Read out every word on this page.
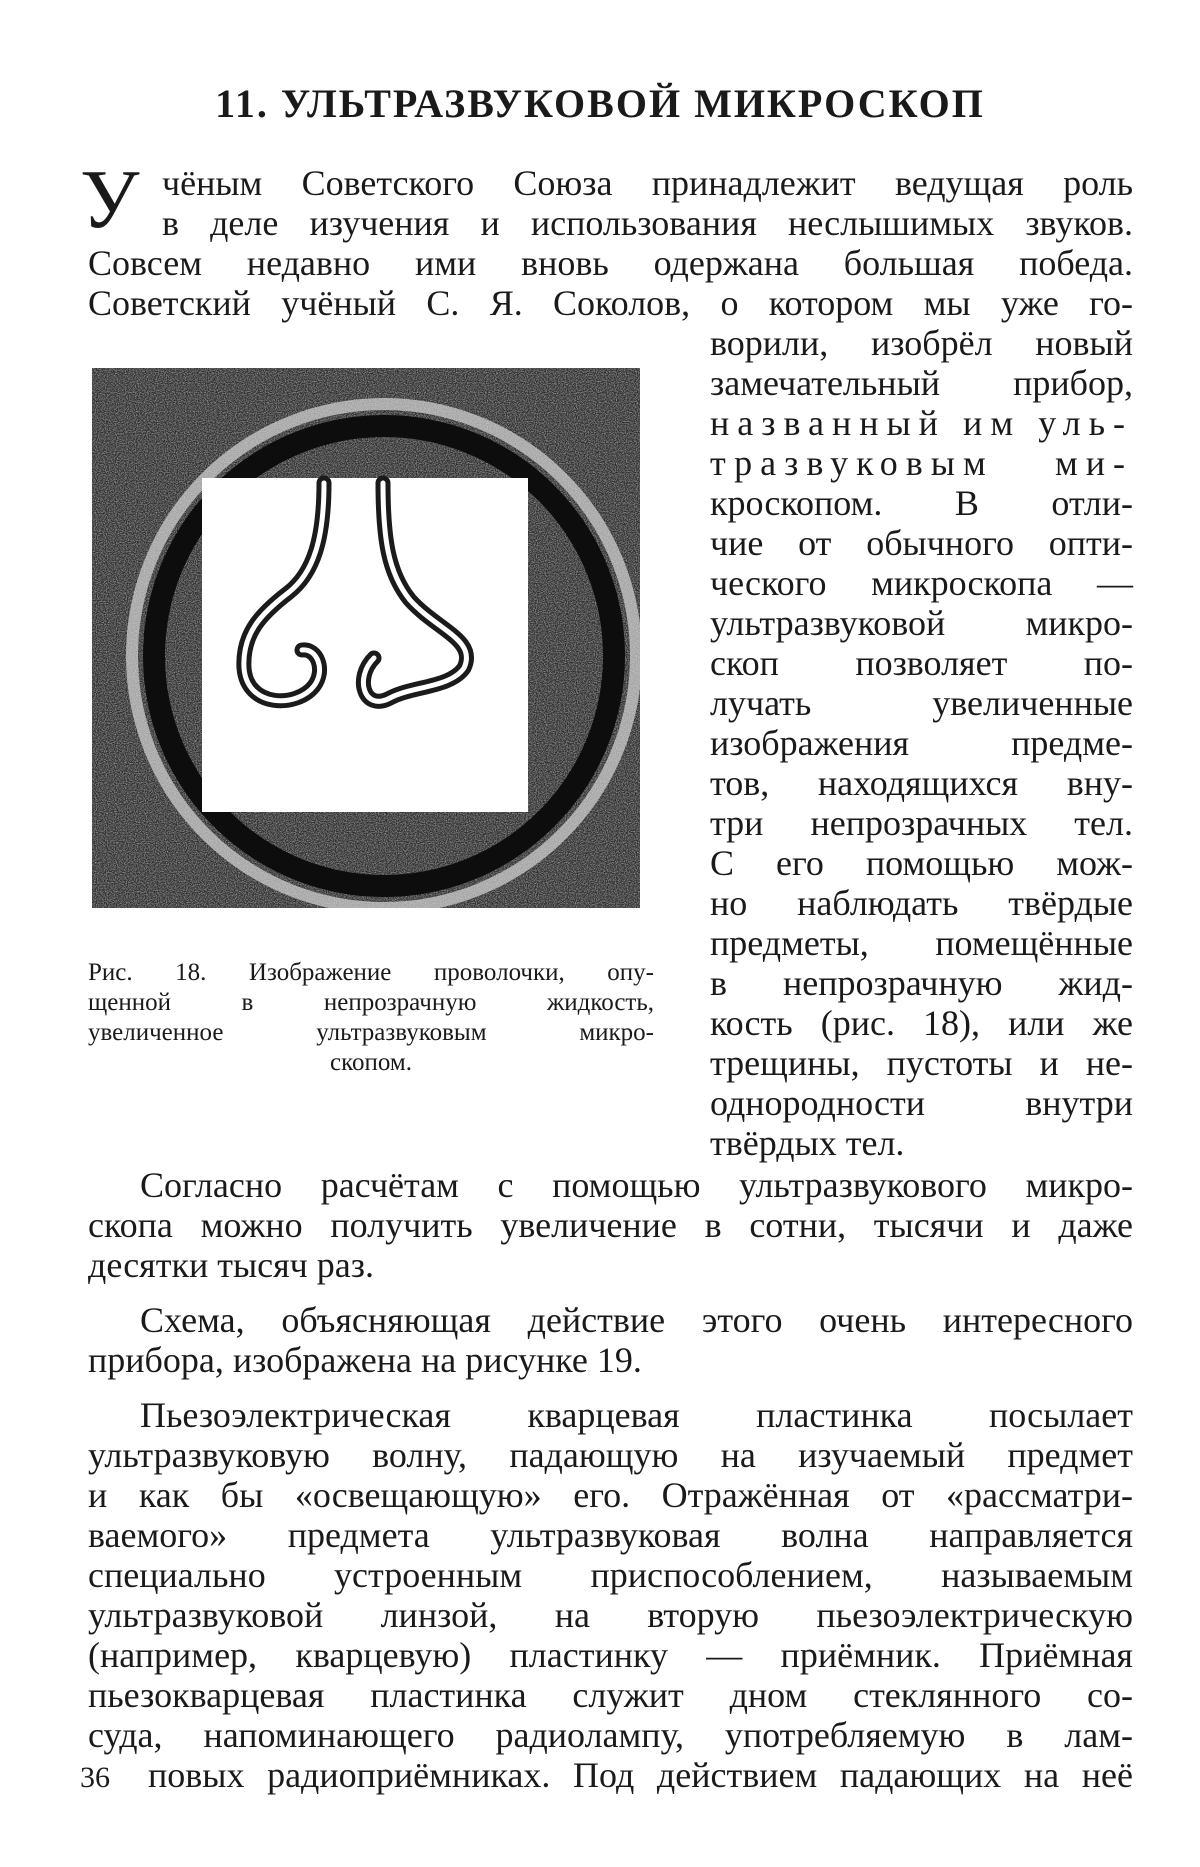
11. УЛЬТРАЗВУКОВОЙ МИКРОСКОП
У чёным Советского Союза принадлежит ведущая роль
в деле изучения и использования неслышимых звуков.
Совсем недавно ими вновь одержана большая победа.
Советский учёный С. Я. Соколов, о котором мы уже го-
ворили, изобрёл новый
замечательный прибор,
названный им уль-
тразвуковым ми-
кроскопом. В отли-
чие от обычного опти-
ческого микроскопа —
ультразвуковой микро-
скоп позволяет по-
лучать увеличенные
изображения предме-
тов, находящихся вну-
три непрозрачных тел.
С его помощью мож-
но наблюдать твёрдые
предметы, помещённые
в непрозрачную жид-
кость (рис. 18), или же
трещины, пустоты и не-
однородности внутри
твёрдых тел.
Рис. 18. Изображение проволочки, опу-
щенной в непрозрачную жидкость,
увеличенное ультразвуковым микро-
скопом.
Согласно расчётам с помощью ультразвукового микро-
скопа можно получить увеличение в сотни, тысячи и даже
десятки тысяч раз.
Схема, объясняющая действие этого очень интересного
прибора, изображена на рисунке 19.
Пьезоэлектрическая кварцевая пластинка посылает
ультразвуковую волну, падающую на изучаемый предмет
и как бы «освещающую» его. Отражённая от «рассматри-
ваемого» предмета ультразвуковая волна направляется
специально устроенным приспособлением, называемым
ультразвуковой линзой, на вторую пьезоэлектрическую
(например, кварцевую) пластинку — приёмник. Приёмная
пьезокварцевая пластинка служит дном стеклянного со-
суда, напоминающего радиолампу, употребляемую в лам-
повых радиоприёмниках. Под действием падающих на неё
36
